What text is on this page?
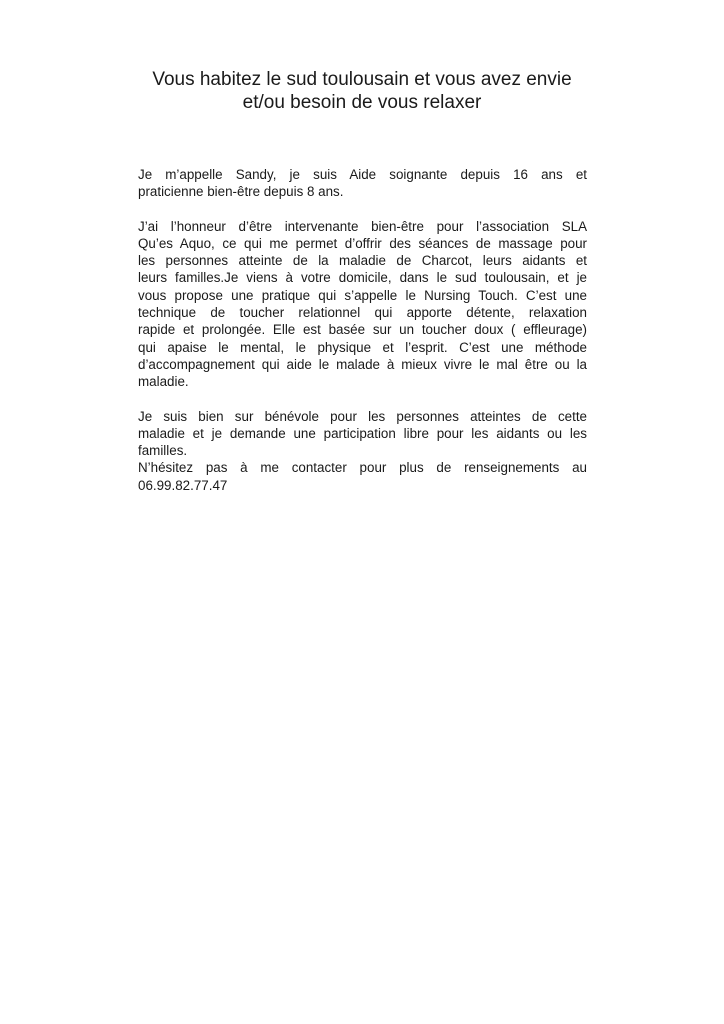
Vous habitez le sud toulousain et vous avez envie
et/ou besoin de vous relaxer

Je m’appelle Sandy, je suis Aide soignante depuis 16 ans et
praticienne bien-être depuis 8 ans.

J’ai l’honneur d’être intervenante bien-être pour l’association SLA
Qu’es Aquo, ce qui me permet d’offrir des séances de massage pour
les personnes atteinte de la maladie de Charcot, leurs aidants et
leurs familles.Je viens à votre domicile, dans le sud toulousain, et je
vous propose une pratique qui s’appelle le Nursing Touch. C’est une
technique de toucher relationnel qui apporte détente, relaxation
rapide et prolongée. Elle est basée sur un toucher doux ( effleurage)
qui apaise le mental, le physique et l’esprit. C’est une méthode
d’accompagnement qui aide le malade à mieux vivre le mal être ou la
maladie.

Je suis bien sur bénévole pour les personnes atteintes de cette
maladie et je demande une participation libre pour les aidants ou les
familles.

N’hésitez pas à me contacter pour plus de renseignements au
06.99.82.77.47
